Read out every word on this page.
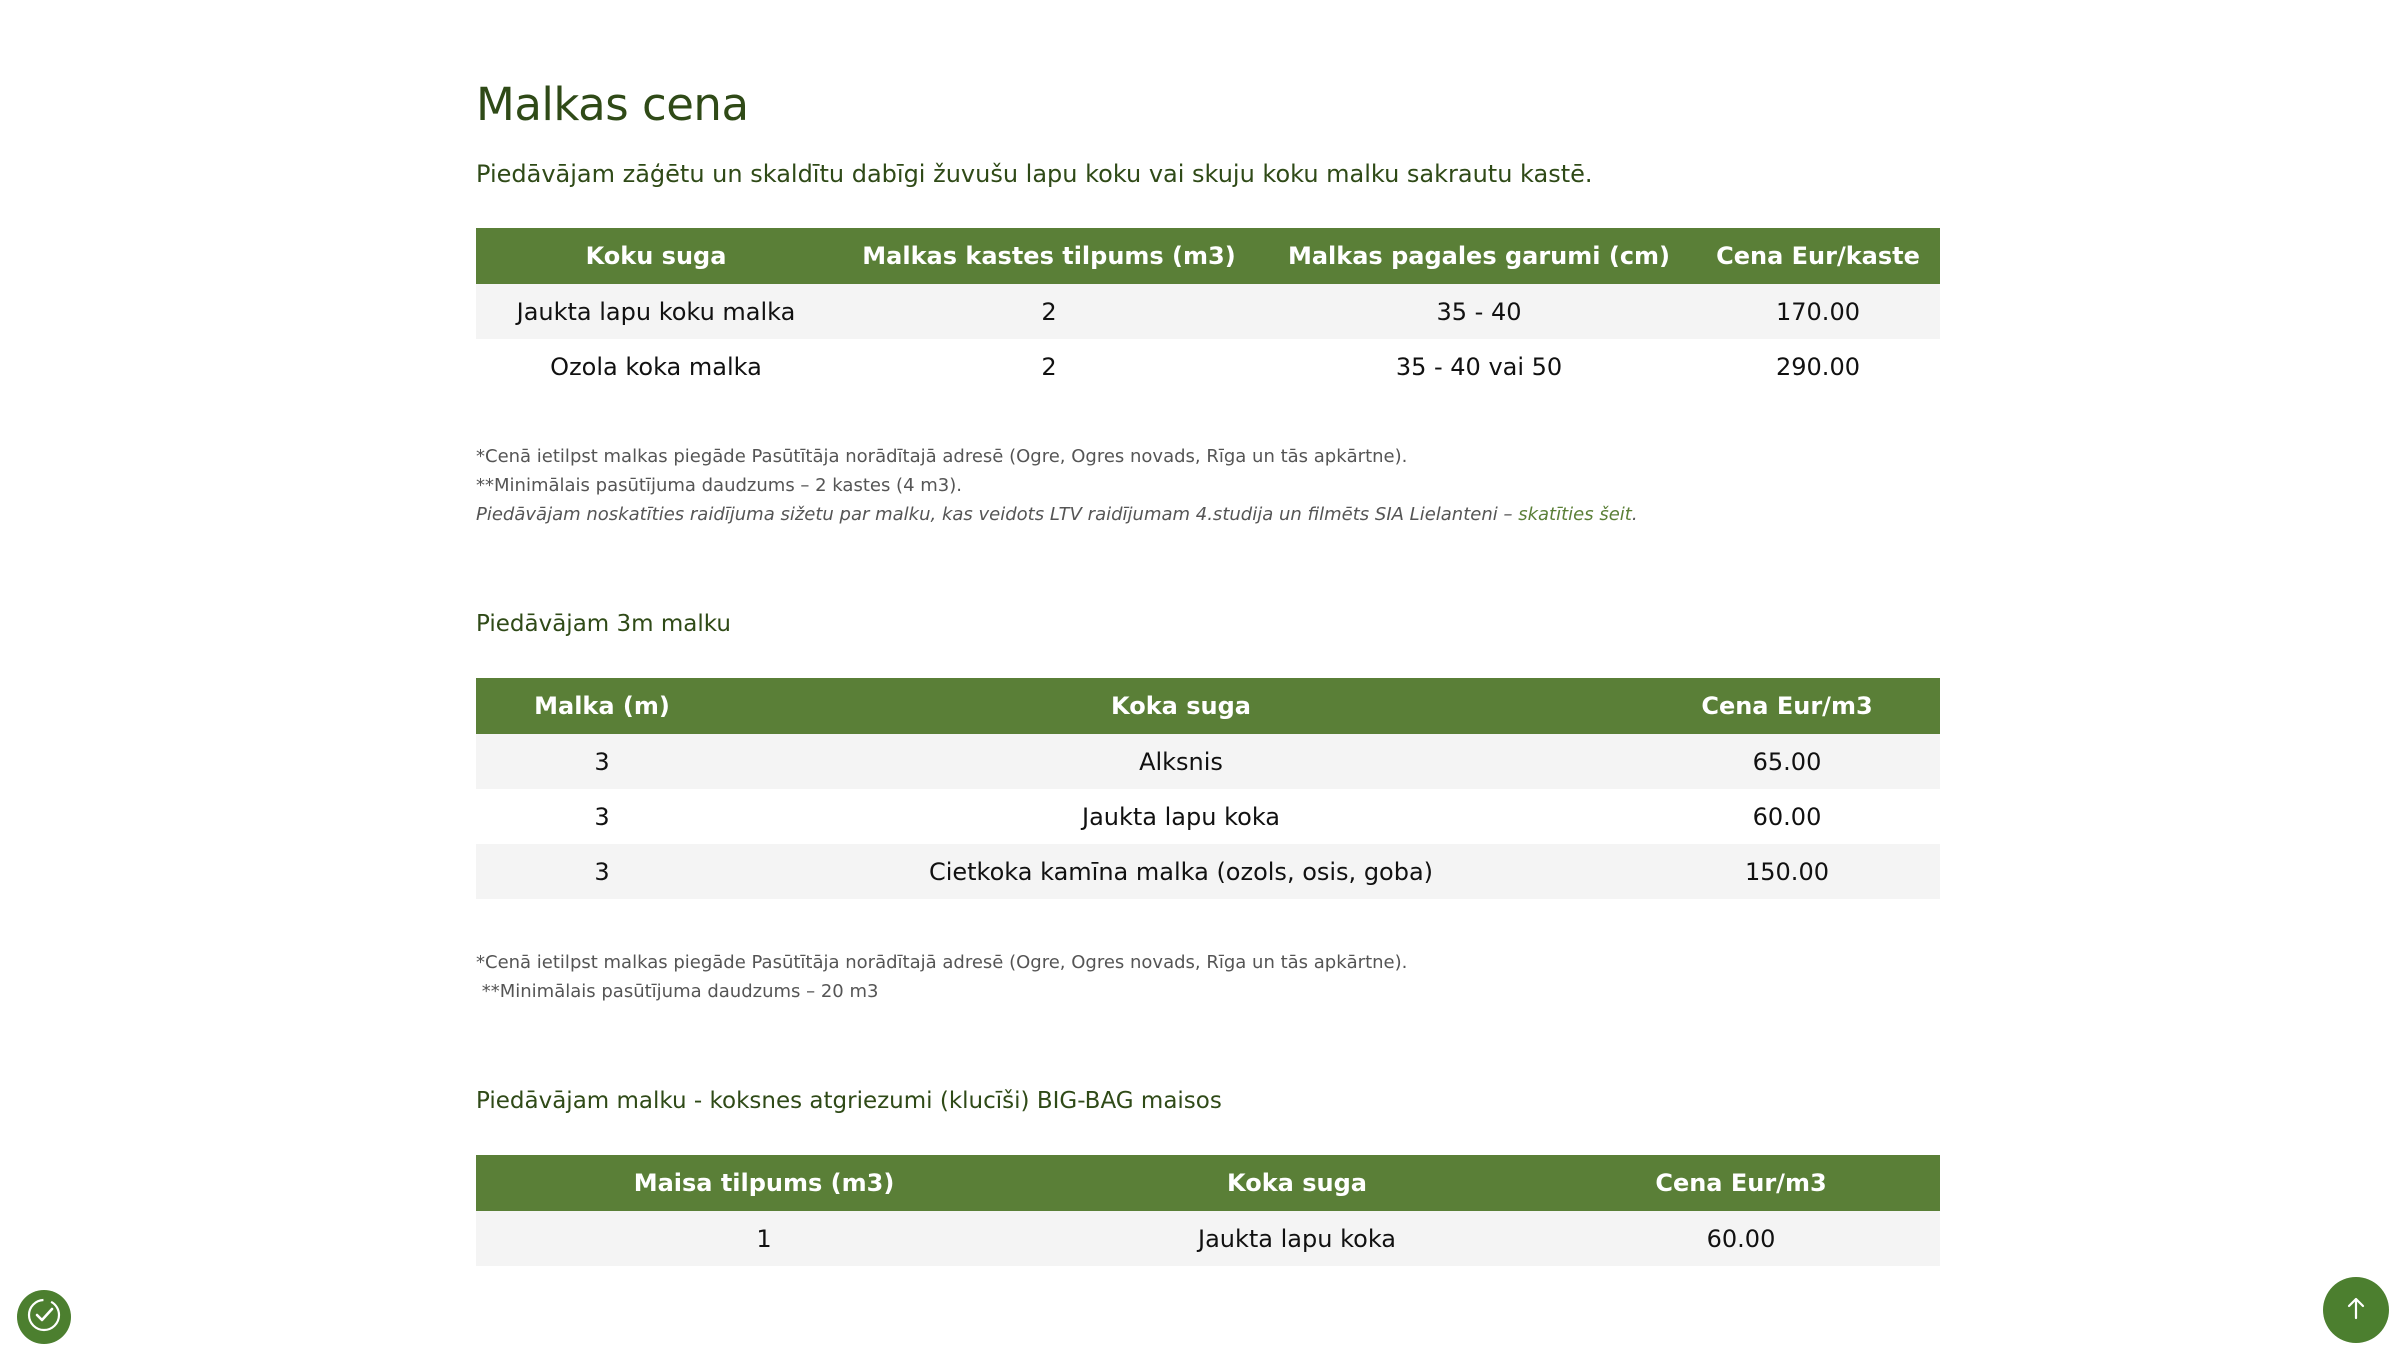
Malkas cena

Piedāvājam zāģētu un skaldītu dabīgi žuvušu lapu koku vai skuju koku malku sakrautu kastē.

Koku suga	Malkas kastes tilpums (m3)	Malkas pagales garumi (cm)	Cena Eur/kaste
Jaukta lapu koku malka	2	35 - 40	170.00
Ozola koka malka	2	35 - 40 vai 50	290.00
*Cenā ietilpst malkas piegāde Pasūtītāja norādītajā adresē (Ogre, Ogres novads, Rīga un tās apkārtne).
**Minimālais pasūtījuma daudzums – 2 kastes (4 m3).
Piedāvājam noskatīties raidījuma sižetu par malku, kas veidots LTV raidījumam 4.studija un filmēts SIA Lielanteni – skatīties šeit.
Piedāvājam 3m malku
Malka (m)	Koka suga	Cena Eur/m3
3	Alksnis	65.00
3	Jaukta lapu koka	60.00
3	Cietkoka kamīna malka (ozols, osis, goba)	150.00
*Cenā ietilpst malkas piegāde Pasūtītāja norādītajā adresē (Ogre, Ogres novads, Rīga un tās apkārtne).
**Minimālais pasūtījuma daudzums – 20 m3
Piedāvājam malku - koksnes atgriezumi (klucīši) BIG-BAG maisos
Maisa tilpums (m3)	Koka suga	Cena Eur/m3
1	Jaukta lapu koka	60.00
